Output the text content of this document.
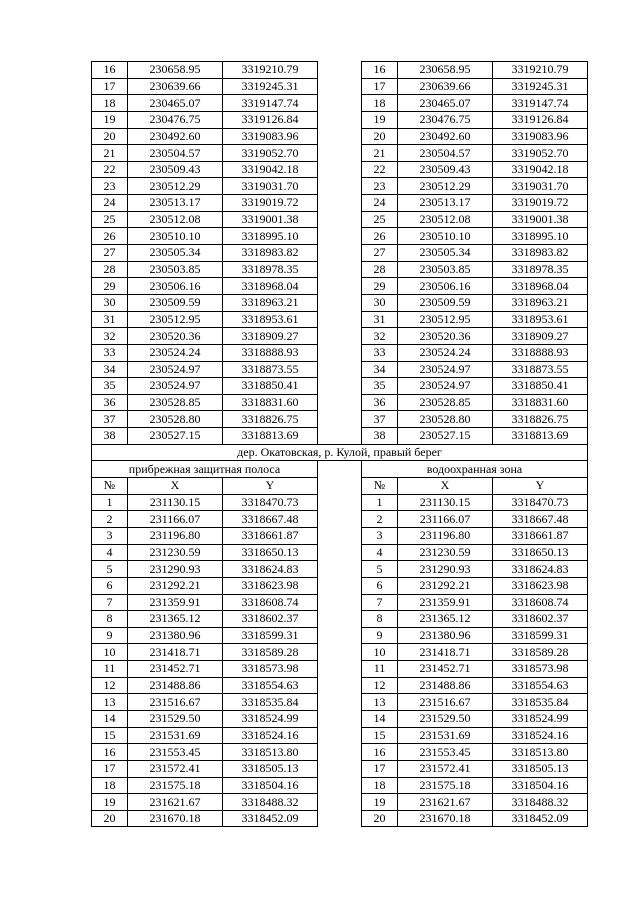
16	230658.95	3319210.79		16	230658.95	3319210.79
17	230639.66	3319245.31		17	230639.66	3319245.31
18	230465.07	3319147.74		18	230465.07	3319147.74
19	230476.75	3319126.84		19	230476.75	3319126.84
20	230492.60	3319083.96		20	230492.60	3319083.96
21	230504.57	3319052.70		21	230504.57	3319052.70
22	230509.43	3319042.18		22	230509.43	3319042.18
23	230512.29	3319031.70		23	230512.29	3319031.70
24	230513.17	3319019.72		24	230513.17	3319019.72
25	230512.08	3319001.38		25	230512.08	3319001.38
26	230510.10	3318995.10		26	230510.10	3318995.10
27	230505.34	3318983.82		27	230505.34	3318983.82
28	230503.85	3318978.35		28	230503.85	3318978.35
29	230506.16	3318968.04		29	230506.16	3318968.04
30	230509.59	3318963.21		30	230509.59	3318963.21
31	230512.95	3318953.61		31	230512.95	3318953.61
32	230520.36	3318909.27		32	230520.36	3318909.27
33	230524.24	3318888.93		33	230524.24	3318888.93
34	230524.97	3318873.55		34	230524.97	3318873.55
35	230524.97	3318850.41		35	230524.97	3318850.41
36	230528.85	3318831.60		36	230528.85	3318831.60
37	230528.80	3318826.75		37	230528.80	3318826.75
38	230527.15	3318813.69		38	230527.15	3318813.69
дер. Окатовская, р. Кулой, правый берег						
прибрежная защитная полоса				водоохранная зона		
№	X	Y		№	X	Y
1	231130.15	3318470.73		1	231130.15	3318470.73
2	231166.07	3318667.48		2	231166.07	3318667.48
3	231196.80	3318661.87		3	231196.80	3318661.87
4	231230.59	3318650.13		4	231230.59	3318650.13
5	231290.93	3318624.83		5	231290.93	3318624.83
6	231292.21	3318623.98		6	231292.21	3318623.98
7	231359.91	3318608.74		7	231359.91	3318608.74
8	231365.12	3318602.37		8	231365.12	3318602.37
9	231380.96	3318599.31		9	231380.96	3318599.31
10	231418.71	3318589.28		10	231418.71	3318589.28
11	231452.71	3318573.98		11	231452.71	3318573.98
12	231488.86	3318554.63		12	231488.86	3318554.63
13	231516.67	3318535.84		13	231516.67	3318535.84
14	231529.50	3318524.99		14	231529.50	3318524.99
15	231531.69	3318524.16		15	231531.69	3318524.16
16	231553.45	3318513.80		16	231553.45	3318513.80
17	231572.41	3318505.13		17	231572.41	3318505.13
18	231575.18	3318504.16		18	231575.18	3318504.16
19	231621.67	3318488.32		19	231621.67	3318488.32
20	231670.18	3318452.09		20	231670.18	3318452.09
